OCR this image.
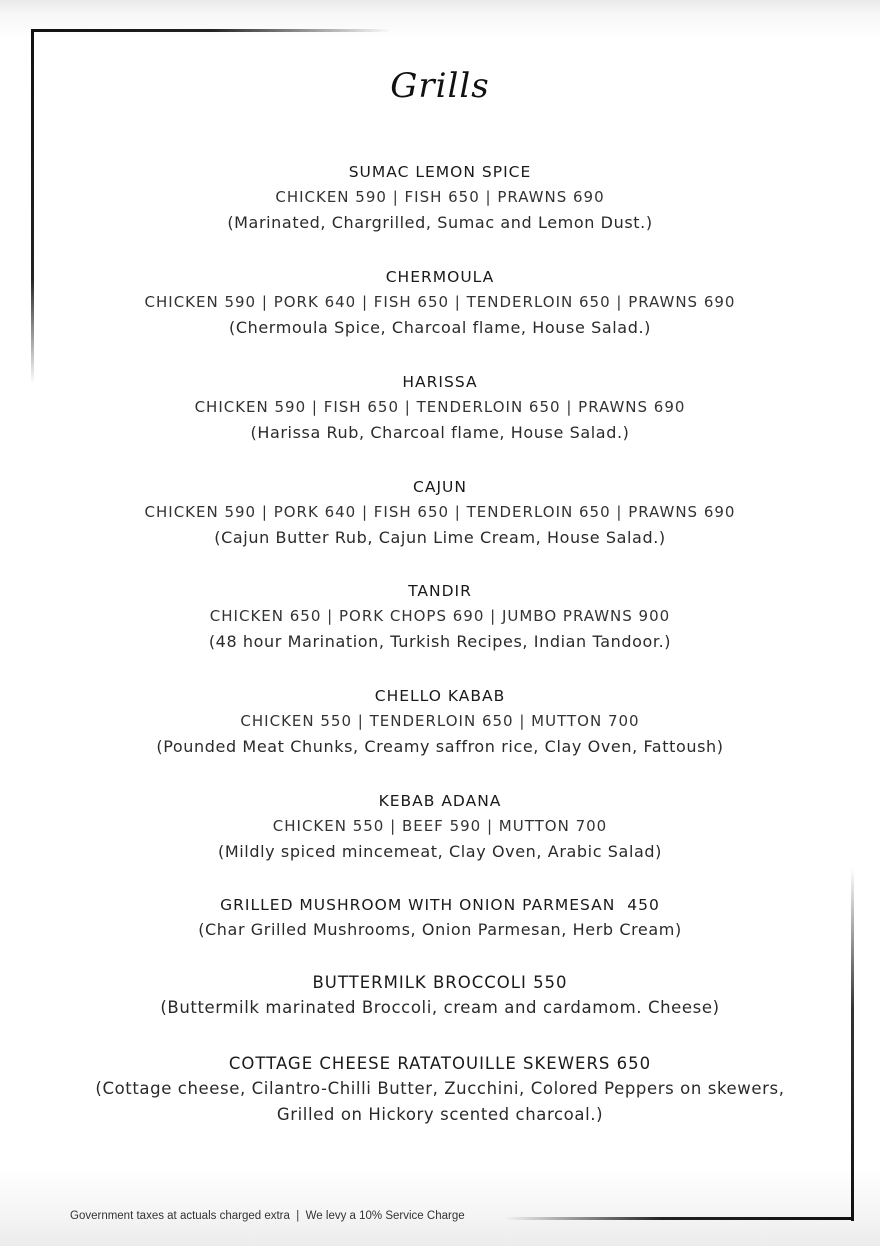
Grills
SUMAC LEMON SPICE
CHICKEN 590 | FISH 650 | PRAWNS 690
(Marinated, Chargrilled, Sumac and Lemon Dust.)
CHERMOULA
CHICKEN 590 | PORK 640 | FISH 650 | TENDERLOIN 650 | PRAWNS 690
(Chermoula Spice, Charcoal flame, House Salad.)
HARISSA
CHICKEN 590 | FISH 650 | TENDERLOIN 650 | PRAWNS 690
(Harissa Rub, Charcoal flame, House Salad.)
CAJUN
CHICKEN 590 | PORK 640 | FISH 650 | TENDERLOIN 650 | PRAWNS 690
(Cajun Butter Rub, Cajun Lime Cream, House Salad.)
TANDIR
CHICKEN 650 | PORK CHOPS 690 | JUMBO PRAWNS 900
(48 hour Marination, Turkish Recipes, Indian Tandoor.)
CHELLO KABAB
CHICKEN 550 | TENDERLOIN 650 | MUTTON 700
(Pounded Meat Chunks, Creamy saffron rice, Clay Oven, Fattoush)
KEBAB ADANA
CHICKEN 550 | BEEF 590 | MUTTON 700
(Mildly spiced mincemeat, Clay Oven, Arabic Salad)
GRILLED MUSHROOM WITH ONION PARMESAN 450
(Char Grilled Mushrooms, Onion Parmesan, Herb Cream)
BUTTERMILK BROCCOLI 550
(Buttermilk marinated Broccoli, cream and cardamom. Cheese)
COTTAGE CHEESE RATATOUILLE SKEWERS 650
(Cottage cheese, Cilantro-Chilli Butter, Zucchini, Colored Peppers on skewers,
Grilled on Hickory scented charcoal.)
Government taxes at actuals charged extra  |  We levy a 10% Service Charge
